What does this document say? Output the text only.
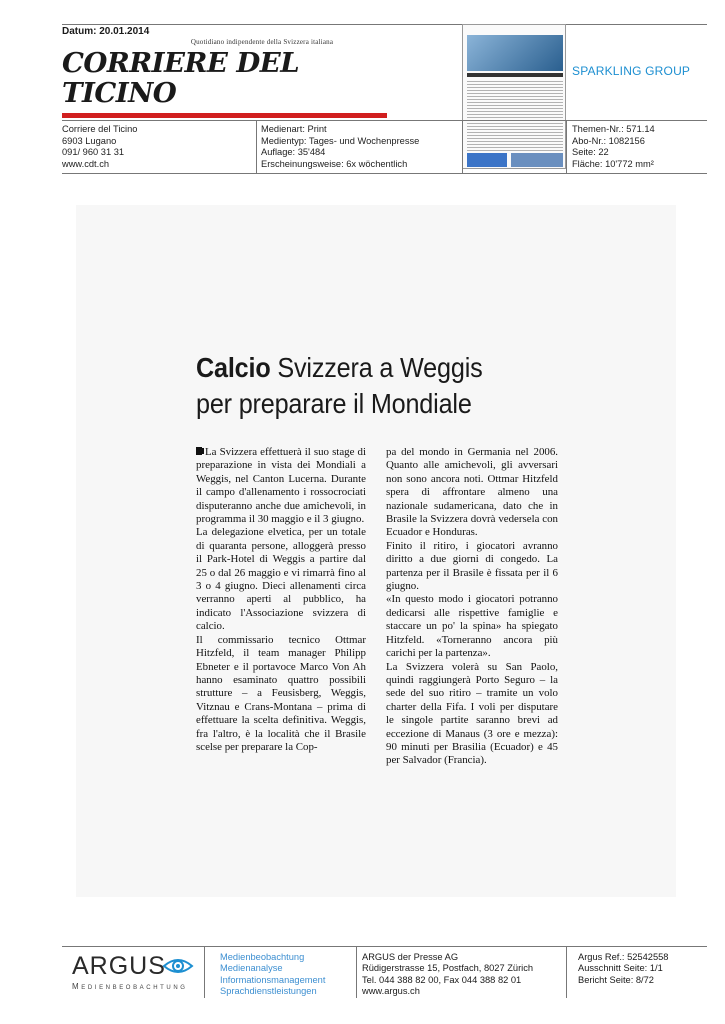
Datum: 20.01.2014
Quotidiano indipendente della Svizzera italiana
CORRIERE DEL TICINO
SPARKLING GROUP
Corriere del Ticino
6903 Lugano
091/ 960 31 31
www.cdt.ch
Medienart: Print
Medientyp: Tages- und Wochenpresse
Auflage: 35'484
Erscheinungsweise: 6x wöchentlich
Themen-Nr.: 571.14
Abo-Nr.: 1082156
Seite: 22
Fläche: 10'772 mm²
Calcio Svizzera a Weggis
per preparare il Mondiale

La Svizzera effettuerà il suo stage di preparazione in vista dei Mondiali a Weggis, nel Canton Lucerna. Durante il campo d'allenamento i rossocrociati disputeranno anche due amichevoli, in programma il 30 maggio e il 3 giugno.

La delegazione elvetica, per un totale di quaranta persone, alloggerà presso il Park-Hotel di Weggis a partire dal 25 o dal 26 maggio e vi rimarrà fino al 3 o 4 giugno. Dieci allenamenti circa verranno aperti al pubblico, ha indicato l'Associazione svizzera di calcio.

Il commissario tecnico Ottmar Hitzfeld, il team manager Philipp Ebneter e il portavoce Marco Von Ah hanno esaminato quattro possibili strutture – a Feusisberg, Weggis, Vitznau e Crans-Montana – prima di effettuare la scelta definitiva. Weggis, fra l'altro, è la località che il Brasile scelse per preparare la Cop-

pa del mondo in Germania nel 2006. Quanto alle amichevoli, gli avversari non sono ancora noti. Ottmar Hitzfeld spera di affrontare almeno una nazionale sudamericana, dato che in Brasile la Svizzera dovrà vedersela con Ecuador e Honduras.

Finito il ritiro, i giocatori avranno diritto a due giorni di congedo. La partenza per il Brasile è fissata per il 6 giugno.

«In questo modo i giocatori potranno dedicarsi alle rispettive famiglie e staccare un po' la spina» ha spiegato Hitzfeld. «Torneranno ancora più carichi per la partenza».

La Svizzera volerà su San Paolo, quindi raggiungerà Porto Seguro – la sede del suo ritiro – tramite un volo charter della Fifa. I voli per disputare le singole partite saranno brevi ad eccezione di Manaus (3 ore e mezza): 90 minuti per Brasilia (Ecuador) e 45 per Salvador (Francia).

ARGUS
Medienbeobachtung
Medienbeobachtung
Medienanalyse
Informationsmanagement
Sprachdienstleistungen
ARGUS der Presse AG
Rüdigerstrasse 15, Postfach, 8027 Zürich
Tel. 044 388 82 00, Fax 044 388 82 01
www.argus.ch
Argus Ref.: 52542558
Ausschnitt Seite: 1/1
Bericht Seite: 8/72
